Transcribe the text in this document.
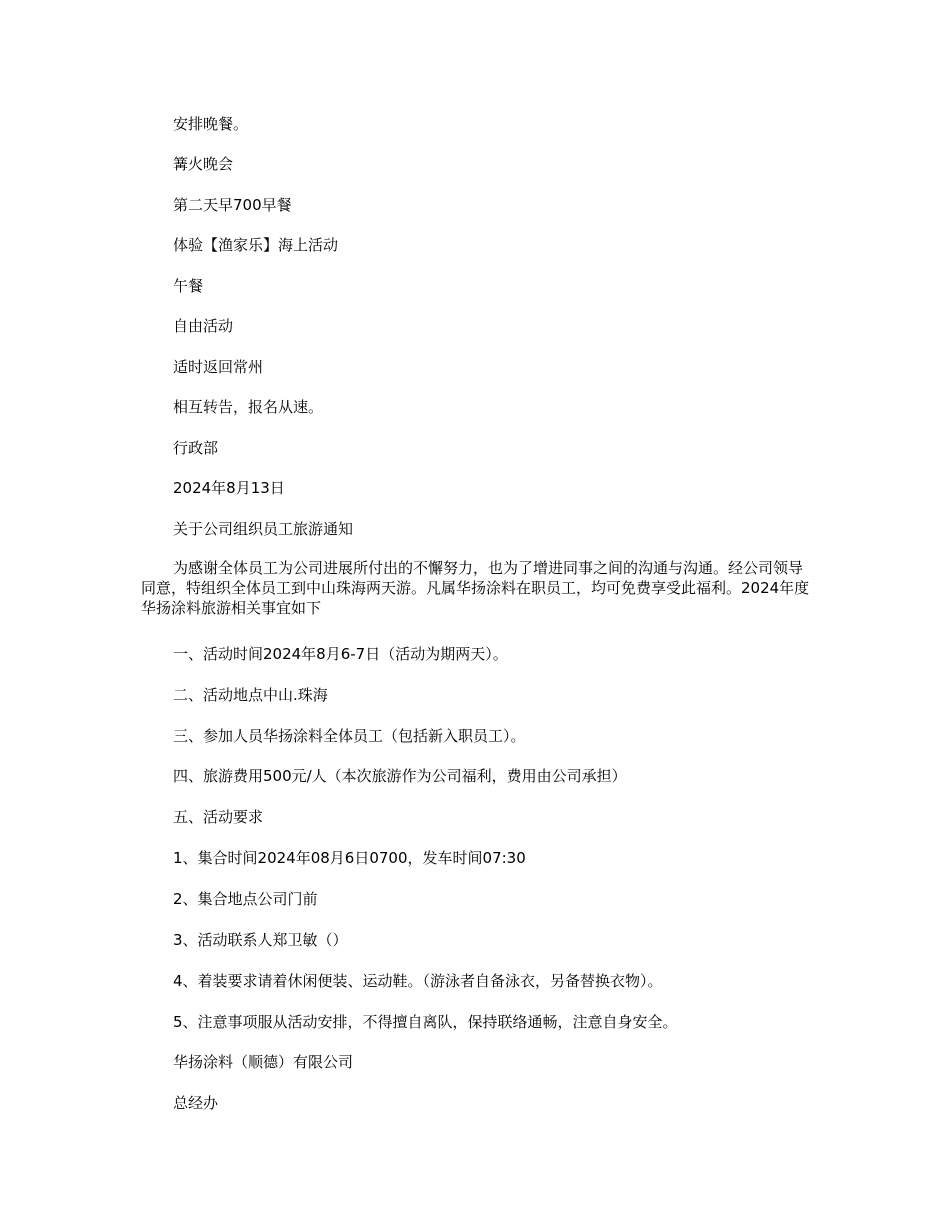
安排晚餐。

篝火晚会

第二天早700早餐

体验【渔家乐】海上活动

午餐

自由活动

适时返回常州

相互转告，报名从速。

行政部

2024年8月13日

关于公司组织员工旅游通知

为感谢全体员工为公司进展所付出的不懈努力，也为了增进同事之间的沟通与沟通。经公司领导同意，特组织全体员工到中山珠海两天游。凡属华扬涂料在职员工，均可免费享受此福利。2024年度华扬涂料旅游相关事宜如下

一、活动时间2024年8月6-7日（活动为期两天）。

二、活动地点中山.珠海

三、参加人员华扬涂料全体员工（包括新入职员工）。

四、旅游费用500元/人（本次旅游作为公司福利，费用由公司承担）

五、活动要求

1、集合时间2024年08月6日0700，发车时间07:30

2、集合地点公司门前

3、活动联系人郑卫敏（）

4、着装要求请着休闲便装、运动鞋。（游泳者自备泳衣，另备替换衣物）。

5、注意事项服从活动安排，不得擅自离队，保持联络通畅，注意自身安全。

华扬涂料（顺德）有限公司

总经办
